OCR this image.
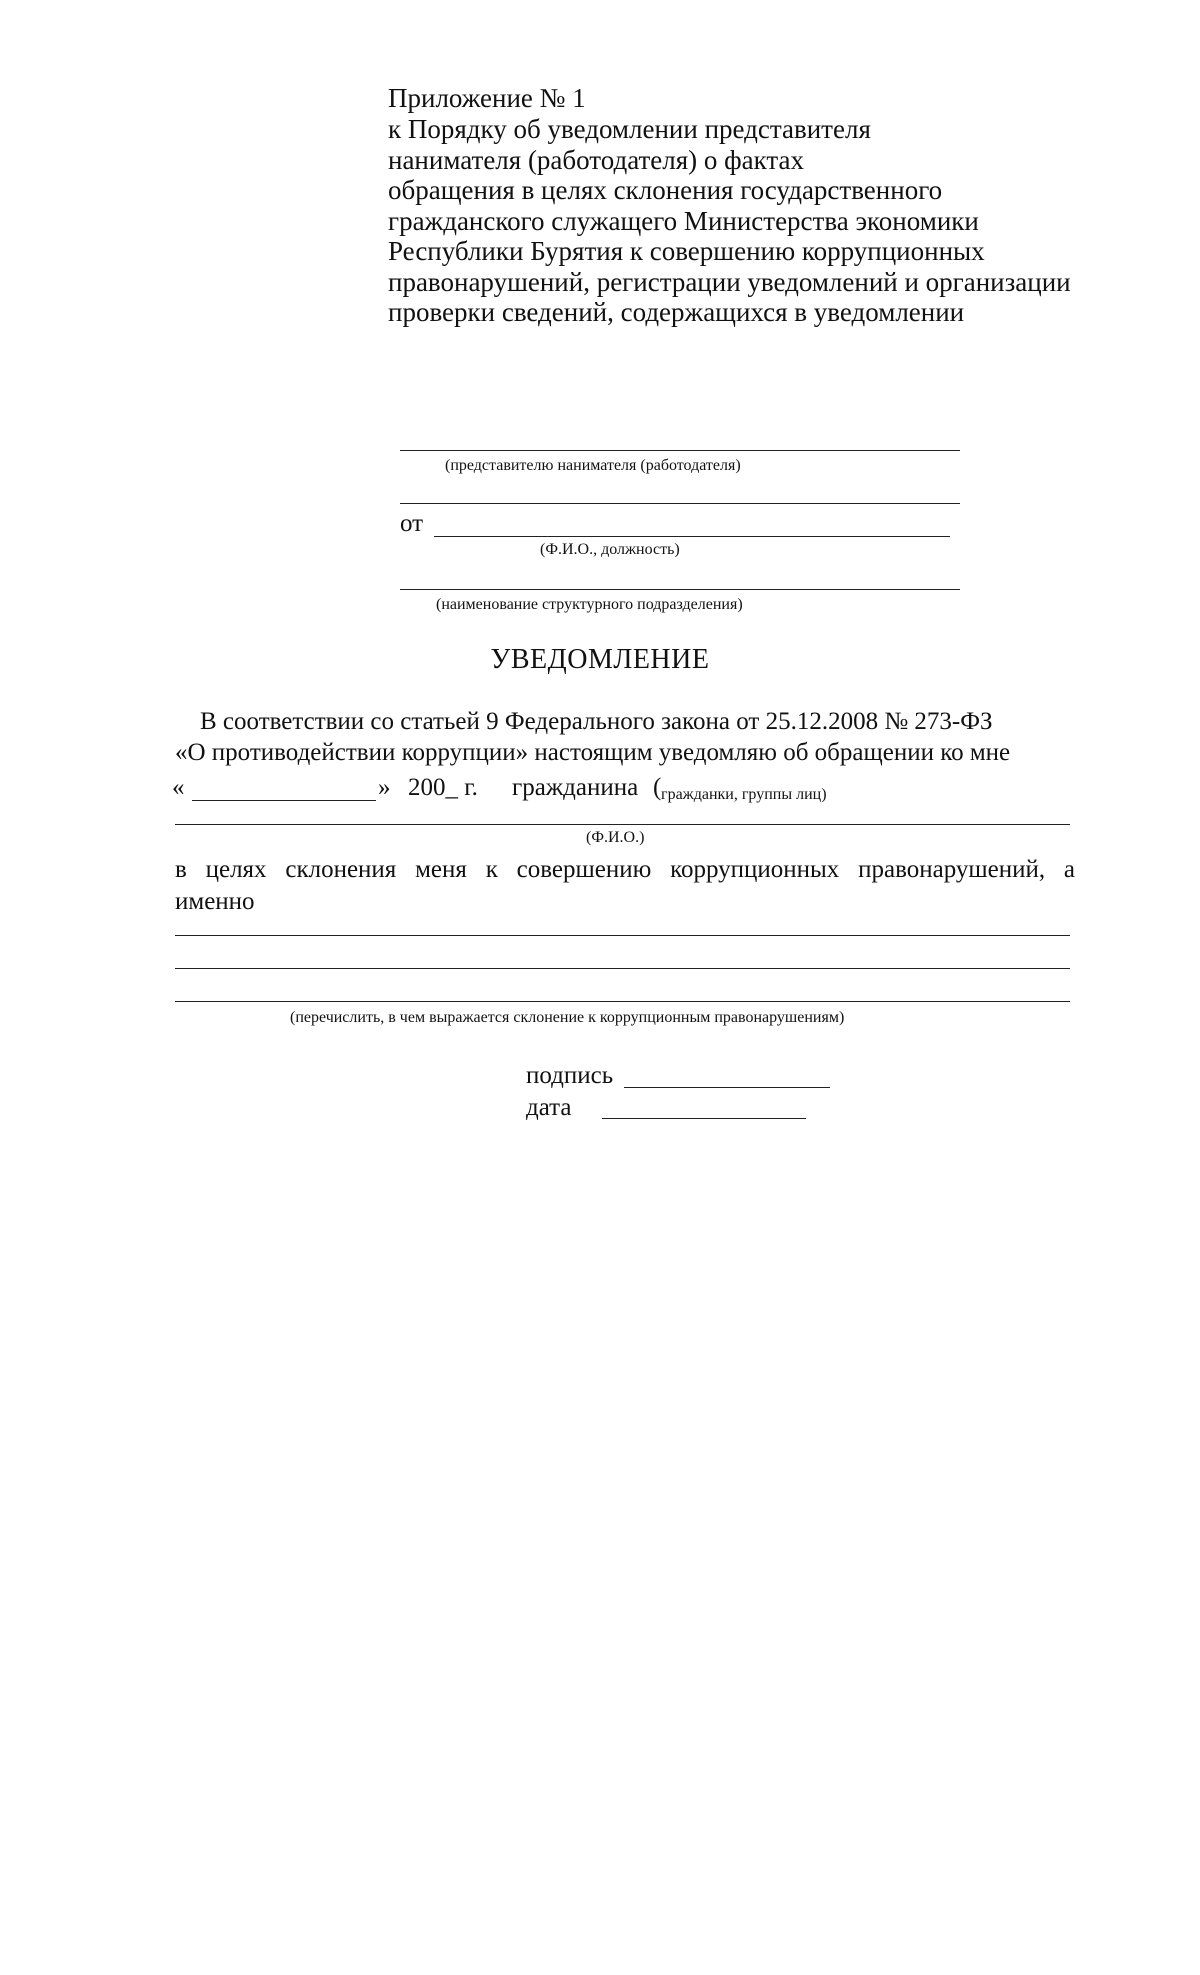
Приложение № 1
к Порядку об уведомлении представителя
нанимателя (работодателя) о фактах
обращения в целях склонения государственного
гражданского служащего Министерства экономики
Республики Бурятия к совершению коррупционных
правонарушений, регистрации уведомлений и организации
проверки сведений, содержащихся в уведомлении
(представителю нанимателя (работодателя)
от
(Ф.И.О., должность)
(наименование структурного подразделения)
УВЕДОМЛЕНИЕ
В соответствии со статьей 9 Федерального закона от 25.12.2008 № 273-ФЗ
«О противодействии коррупции» настоящим уведомляю об обращении ко мне
«	» 200_ г. гражданина ( гражданки, группы лиц)
(Ф.И.О.)
в целях склонения меня к совершению коррупционных правонарушений, а
именно
(перечислить, в чем выражается склонение к коррупционным правонарушениям)
подпись
дата
